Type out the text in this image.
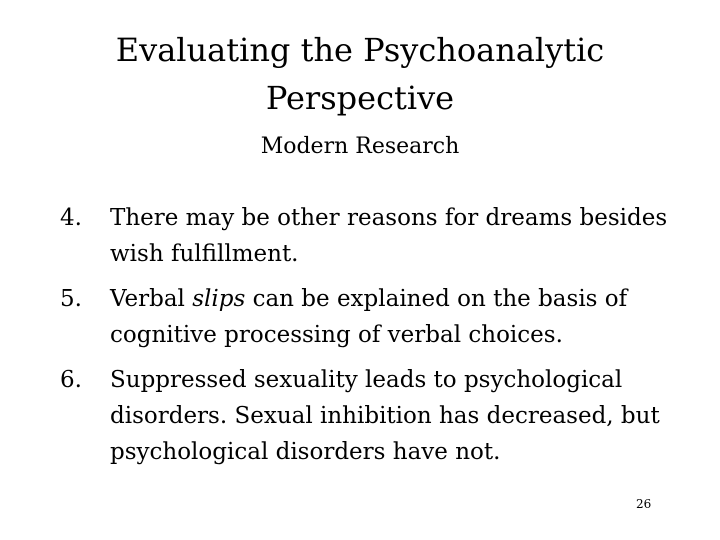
Evaluating the Psychoanalytic
Perspective
Modern Research
4.	There may be other reasons for dreams besides wish fulfillment.
5.	Verbal slips can be explained on the basis of cognitive processing of verbal choices.
6.	Suppressed sexuality leads to psychological disorders. Sexual inhibition has decreased, but psychological disorders have not.
26
